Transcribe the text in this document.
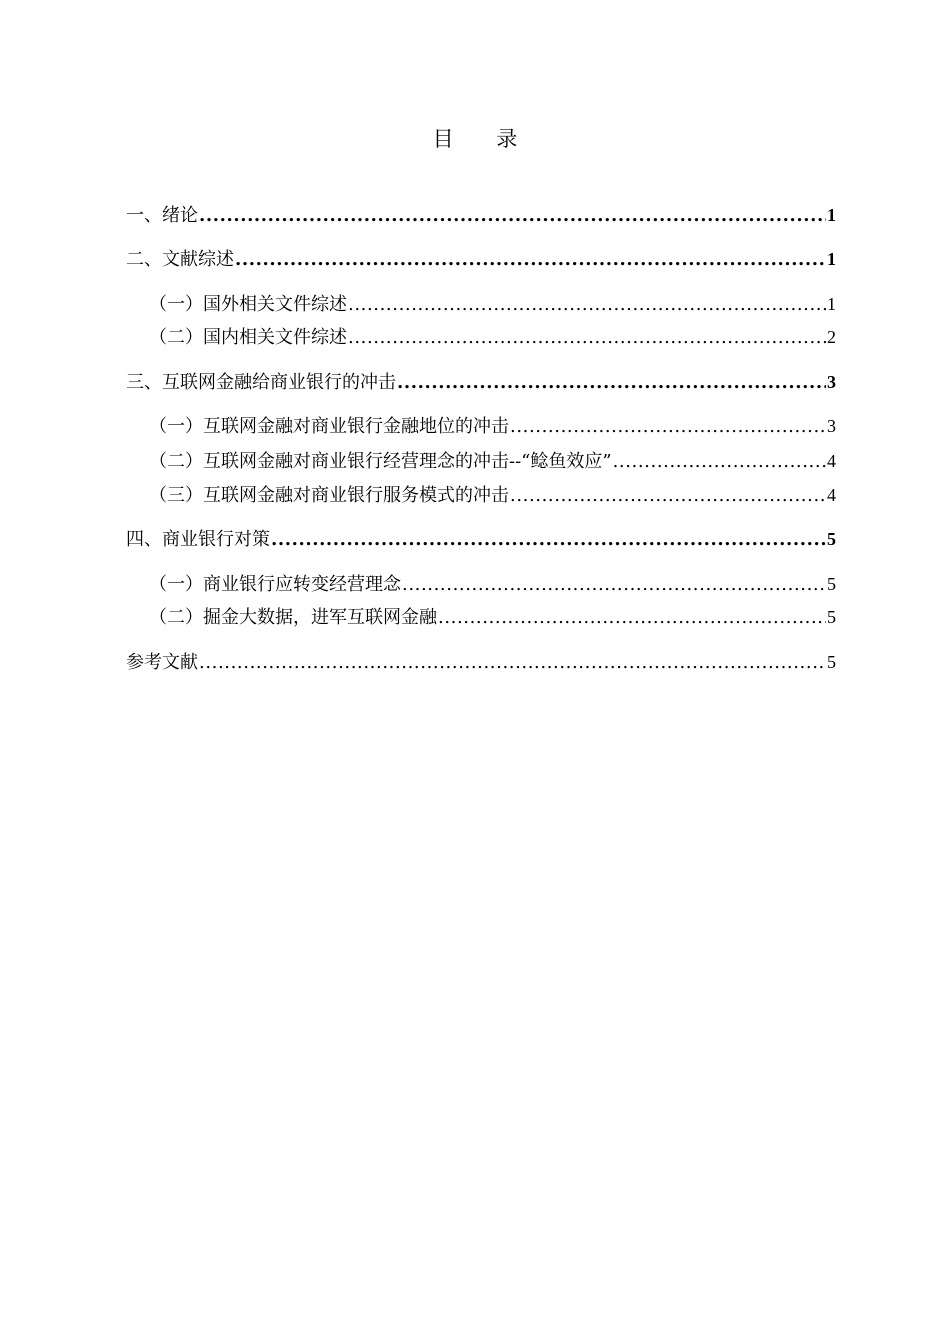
目 录
一、绪论 .....	1
二、文献综述 .....	1
（一）国外相关文件综述 .....	1
（二）国内相关文件综述 .....	2
三、互联网金融给商业银行的冲击 .....	3
（一）互联网金融对商业银行金融地位的冲击 .....	3
（二）互联网金融对商业银行经营理念的冲击--“鲶鱼效应” .....	4
（三）互联网金融对商业银行服务模式的冲击 .....	4
四、商业银行对策 .....	5
（一）商业银行应转变经营理念 .....	5
（二）掘金大数据，进军互联网金融 .....	5
参考文献 .....	5
